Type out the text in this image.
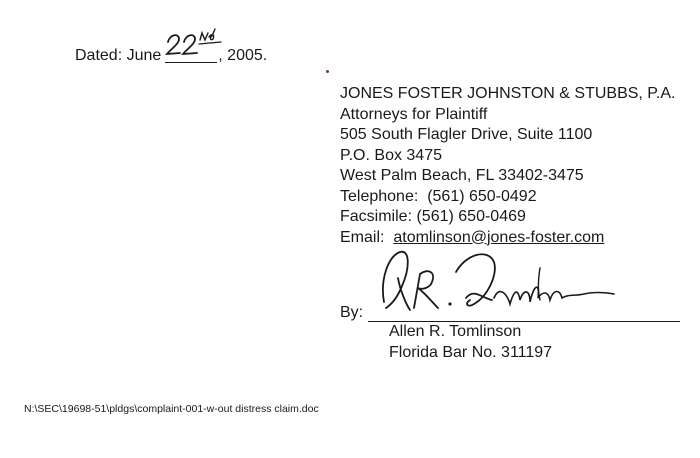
Dated: June	, 2005.
JONES FOSTER JOHNSTON & STUBBS, P.A.
Attorneys for Plaintiff
505 South Flagler Drive, Suite 1100
P.O. Box 3475
West Palm Beach, FL 33402-3475
Telephone: (561) 650-0492
Facsimile: (561) 650-0469
Email: atomlinson@jones-foster.com
By:
Allen R. Tomlinson
Florida Bar No. 311197
N:\SEC\19698-51\pldgs\complaint-001-w-out distress claim.doc
